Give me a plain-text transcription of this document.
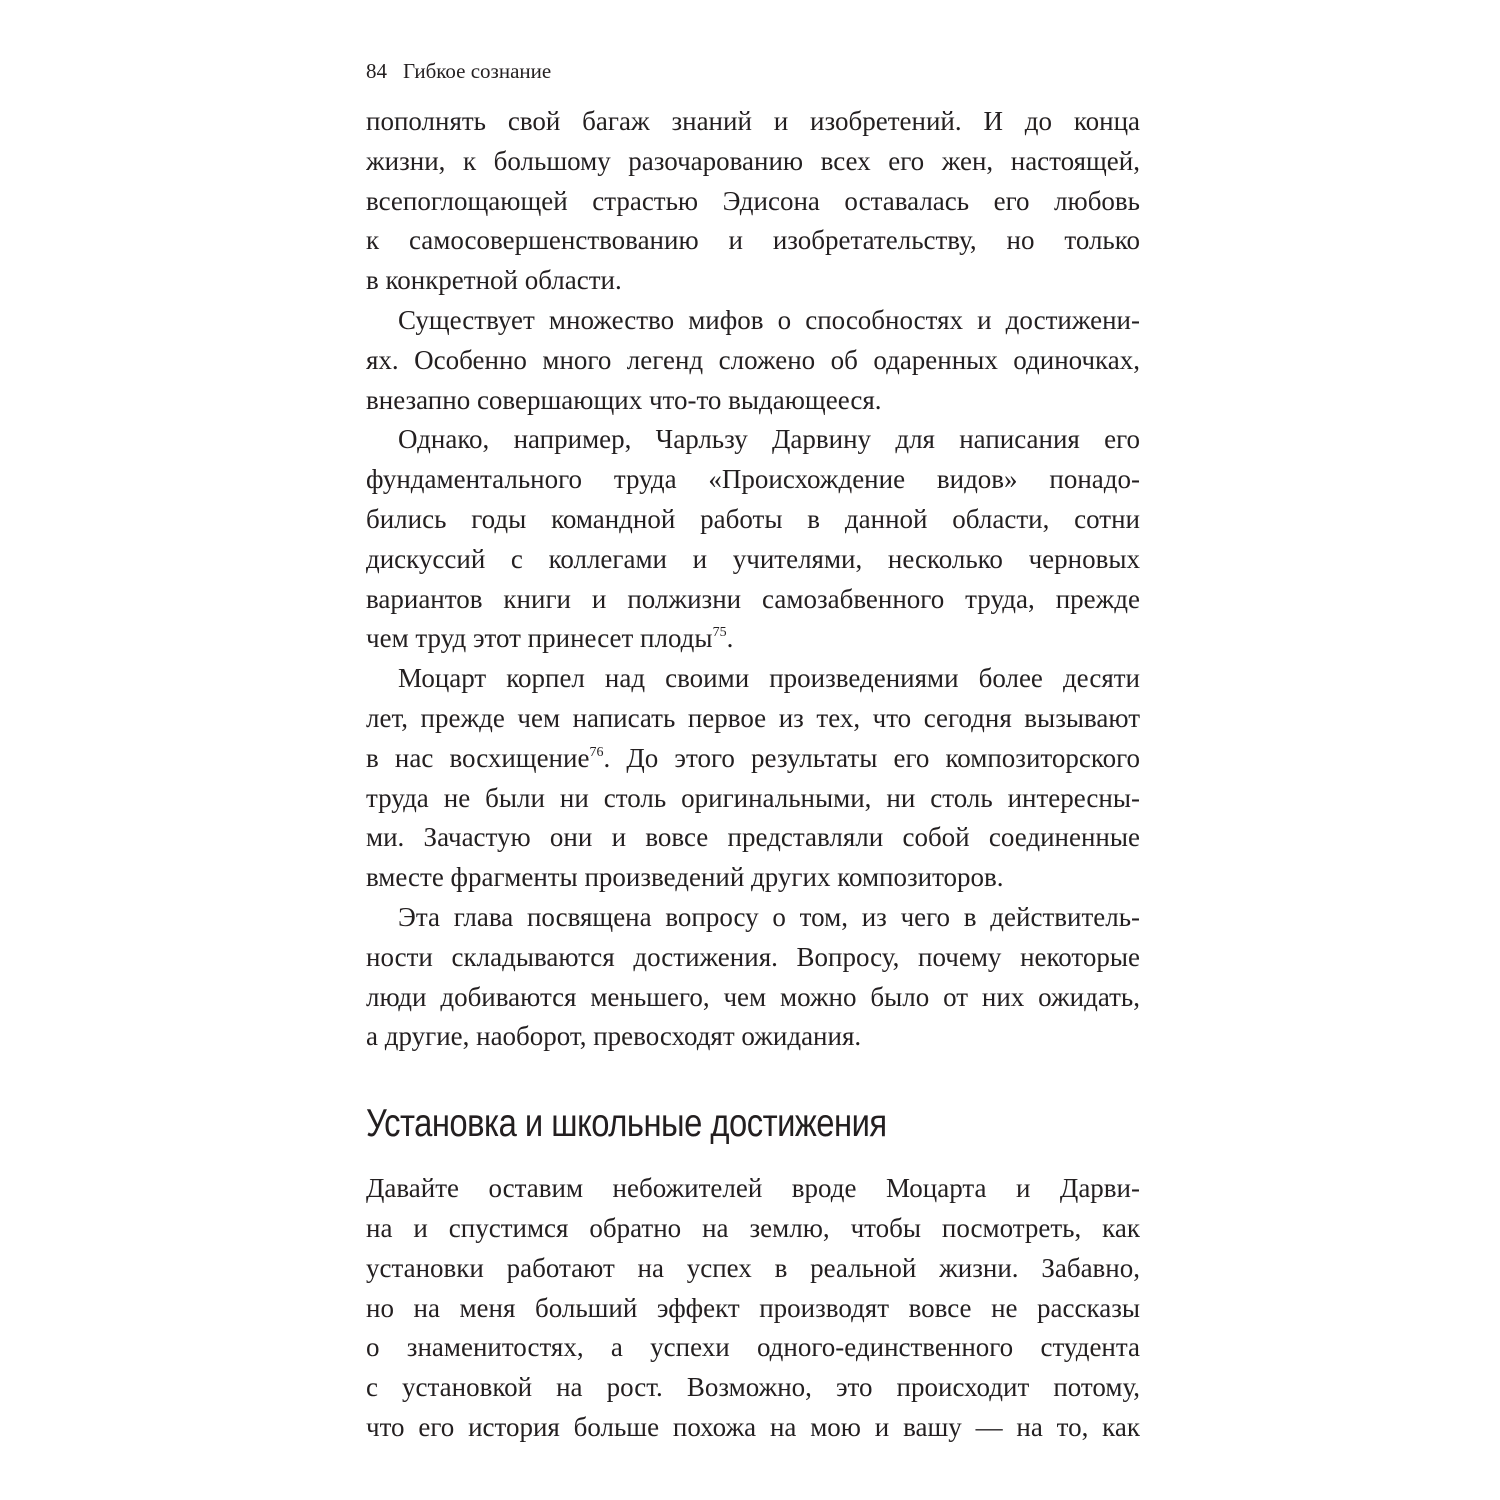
84 Гибкое сознание
пополнять свой багаж знаний и изобретений. И до конца
жизни, к большому разочарованию всех его жен, настоящей,
всепоглощающей страстью Эдисона оставалась его любовь
к самосовершенствованию и изобретательству, но только
в конкретной области.
Существует множество мифов о способностях и достижени-
ях. Особенно много легенд сложено об одаренных одиночках,
внезапно совершающих что-то выдающееся.
Однако, например, Чарльзу Дарвину для написания его
фундаментального труда «Происхождение видов» понадо-
бились годы командной работы в данной области, сотни
дискуссий с коллегами и учителями, несколько черновых
вариантов книги и полжизни самозабвенного труда, прежде
чем труд этот принесет плоды$^{75}$.
Моцарт корпел над своими произведениями более десяти
лет, прежде чем написать первое из тех, что сегодня вызывают
в нас восхищение$^{76}$. До этого результаты его композиторского
труда не были ни столь оригинальными, ни столь интересны-
ми. Зачастую они и вовсе представляли собой соединенные
вместе фрагменты произведений других композиторов.
Эта глава посвящена вопросу о том, из чего в действитель-
ности складываются достижения. Вопросу, почему некоторые
люди добиваются меньшего, чем можно было от них ожидать,
а другие, наоборот, превосходят ожидания.
Установка и школьные достижения
Давайте оставим небожителей вроде Моцарта и Дарви-
на и спустимся обратно на землю, чтобы посмотреть, как
установки работают на успех в реальной жизни. Забавно,
но на меня больший эффект производят вовсе не рассказы
о знаменитостях, а успехи одного-единственного студента
с установкой на рост. Возможно, это происходит потому,
что его история больше похожа на мою и вашу — на то, как
